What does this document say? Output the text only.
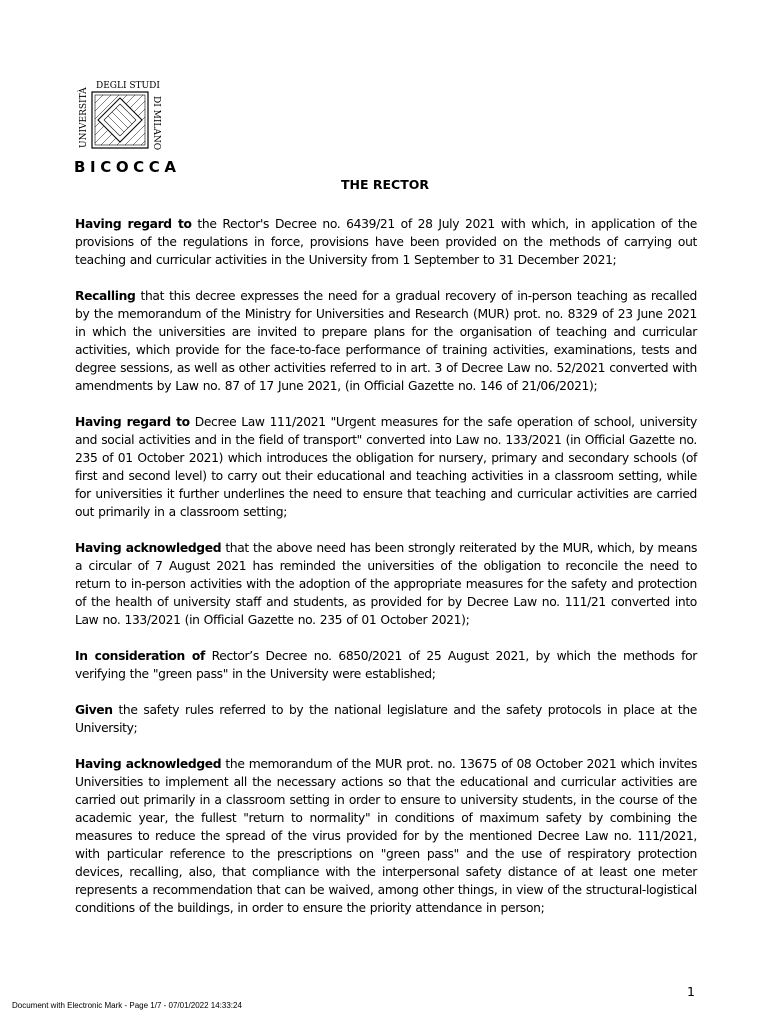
DEGLI STUDI
UNIVERSITÀ	DI MILANO
BICOCCA
THE RECTOR

Having regard to the Rector's Decree no. 6439/21 of 28 July 2021 with which, in application of the provisions of the regulations in force, provisions have been provided on the methods of carrying out teaching and curricular activities in the University from 1 September to 31 December 2021;

Recalling that this decree expresses the need for a gradual recovery of in-person teaching as recalled by the memorandum of the Ministry for Universities and Research (MUR) prot. no. 8329 of 23 June 2021 in which the universities are invited to prepare plans for the organisation of teaching and curricular activities, which provide for the face-to-face performance of training activities, examinations, tests and degree sessions, as well as other activities referred to in art. 3 of Decree Law no. 52/2021 converted with amendments by Law no. 87 of 17 June 2021, (in Official Gazette no. 146 of 21/06/2021);

Having regard to Decree Law 111/2021 "Urgent measures for the safe operation of school, university and social activities and in the field of transport" converted into Law no. 133/2021 (in Official Gazette no. 235 of 01 October 2021) which introduces the obligation for nursery, primary and secondary schools (of first and second level) to carry out their educational and teaching activities in a classroom setting, while for universities it further underlines the need to ensure that teaching and curricular activities are carried out primarily in a classroom setting;

Having acknowledged that the above need has been strongly reiterated by the MUR, which, by means a circular of 7 August 2021 has reminded the universities of the obligation to reconcile the need to return to in-person activities with the adoption of the appropriate measures for the safety and protection of the health of university staff and students, as provided for by Decree Law no. 111/21 converted into Law no. 133/2021 (in Official Gazette no. 235 of 01 October 2021);

In consideration of Rector’s Decree no. 6850/2021 of 25 August 2021, by which the methods for verifying the "green pass" in the University were established;

Given the safety rules referred to by the national legislature and the safety protocols in place at the University;

Having acknowledged the memorandum of the MUR prot. no. 13675 of 08 October 2021 which invites Universities to implement all the necessary actions so that the educational and curricular activities are carried out primarily in a classroom setting in order to ensure to university students, in the course of the academic year, the fullest "return to normality" in conditions of maximum safety by combining the measures to reduce the spread of the virus provided for by the mentioned Decree Law no. 111/2021, with particular reference to the prescriptions on "green pass" and the use of respiratory protection devices, recalling, also, that compliance with the interpersonal safety distance of at least one meter represents a recommendation that can be waived, among other things, in view of the structural-logistical conditions of the buildings, in order to ensure the priority attendance in person;

1
Document with Electronic Mark - Page 1/7 - 07/01/2022 14:33:24
